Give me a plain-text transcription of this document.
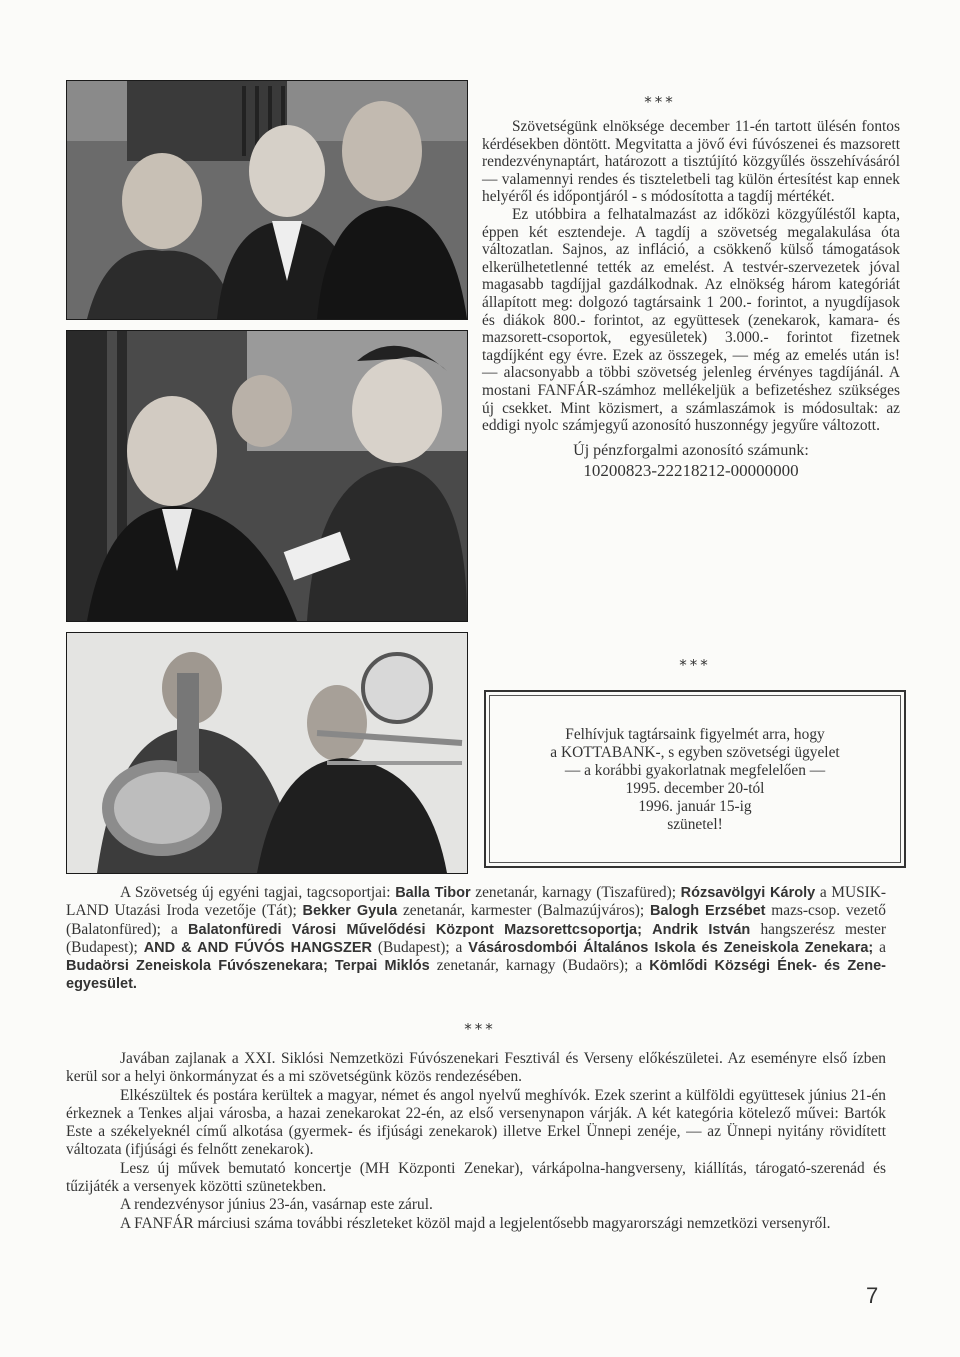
***

Szövetségünk elnöksége december 11-én tartott ülésén fontos kérdésekben döntött. Megvitatta a jövő évi fúvószenei és mazsorett rendezvénynaptárt, határozott a tisztújító közgyűlés összehívásáról — valamennyi rendes és tiszteletbeli tag külön értesítést kap ennek helyéről és időpontjáról - s módosította a tagdíj mértékét.

Ez utóbbira a felhatalmazást az időközi közgyűléstől kapta, éppen két esztendeje. A tagdíj a szövetség megalakulása óta változatlan. Sajnos, az infláció, a csökkenő külső támogatások elkerülhetetlenné tették az emelést. A testvér-szervezetek jóval magasabb tagdíjjal gazdálkodnak. Az elnökség három kategóriát állapított meg: dolgozó tagtársaink 1 200.- forintot, a nyugdíjasok és diákok 800.- forintot, az együttesek (zenekarok, kamara- és mazsorett-csoportok, egyesületek) 3.000.- forintot fizetnek tagdíjként egy évre. Ezek az összegek, — még az emelés után is! — alacsonyabb a többi szövetség jelenleg érvényes tagdíjánál. A mostani FANFÁR-számhoz mellékeljük a befizetéshez szükséges új csekket. Mint közismert, a számlaszámok is módosultak: az eddigi nyolc számjegyű azonosító huszonnégy jegyűre változott.

Új pénzforgalmi azonosító számunk:
10200823-22218212-00000000
***
Felhívjuk tagtársaink figyelmét arra, hogy
a KOTTABANK-, s egyben szövetségi ügyelet
— a korábbi gyakorlatnak megfelelően —
1995. december 20-tól
1996. január 15-ig
szünetel!

A Szövetség új egyéni tagjai, tagcsoportjai: Balla Tibor zenetanár, karnagy (Tiszafüred); Rózsavölgyi Károly a MUSIK-LAND Utazási Iroda vezetője (Tát); Bekker Gyula zenetanár, karmester (Balmazújváros); Balogh Erzsébet mazs-csop. vezető (Balatonfüred); a Balatonfüredi Városi Művelődési Központ Mazsorettcsoportja; Andrik István hangszerész mester (Budapest); AND & AND FÚVÓS HANGSZER (Budapest); a Vásárosdombói Általános Iskola és Zeneiskola Zenekara; a Budaörsi Zeneiskola Fúvószenekara; Terpai Miklós zenetanár, karnagy (Budaörs); a Kömlődi Községi Ének- és Zene-egyesület.

***

Javában zajlanak a XXI. Siklósi Nemzetközi Fúvószenekari Fesztivál és Verseny előkészületei. Az eseményre első ízben kerül sor a helyi önkormányzat és a mi szövetségünk közös rendezésében.

Elkészültek és postára kerültek a magyar, német és angol nyelvű meghívók. Ezek szerint a külföldi együttesek június 21-én érkeznek a Tenkes aljai városba, a hazai zenekarokat 22-én, az első versenynapon várják. A két kategória kötelező művei: Bartók Este a székelyeknél című alkotása (gyermek- és ifjúsági zenekarok) illetve Erkel Ünnepi zenéje, — az Ünnepi nyitány rövidített változata (ifjúsági és felnőtt zenekarok).

Lesz új művek bemutató koncertje (MH Központi Zenekar), várkápolna-hangverseny, kiállítás, tárogató-szerenád és tűzijáték a versenyek közötti szünetekben.

A rendezvénysor június 23-án, vasárnap este zárul.

A FANFÁR márciusi száma további részleteket közöl majd a legjelentősebb magyarországi nemzetközi versenyről.

7
